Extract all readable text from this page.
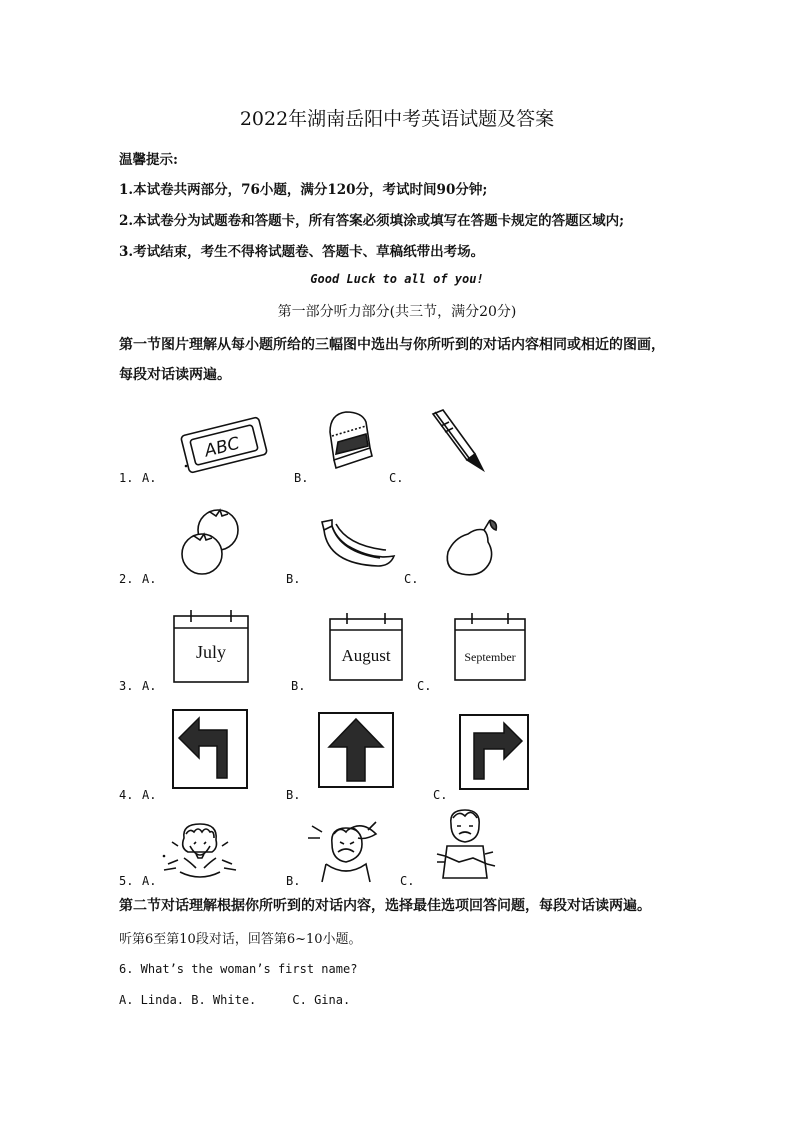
2022年湖南岳阳中考英语试题及答案
温馨提示:
1.本试卷共两部分，76小题，满分120分，考试时间90分钟;
2.本试卷分为试题卷和答题卡，所有答案必须填涂或填写在答题卡规定的答题区域内;
3.考试结束，考生不得将试题卷、答题卡、草稿纸带出考场。
Good Luck to all of you!
第一部分听力部分(共三节，满分20分)
第一节图片理解从每小题所给的三幅图中选出与你所听到的对话内容相同或相近的图画，
每段对话读两遍。
1. A.	B.	C.
ABC
2. A.	B.	C.
3. A.	B.	C.
July	August	September
4. A.	B.	C.
5. A.	B.	C.
第二节对话理解根据你所听到的对话内容，选择最佳选项回答问题，每段对话读两遍。
听第6至第10段对话，回答第6~10小题。
6. What’s the woman’s first name?
A. Linda. B. White.     C. Gina.
